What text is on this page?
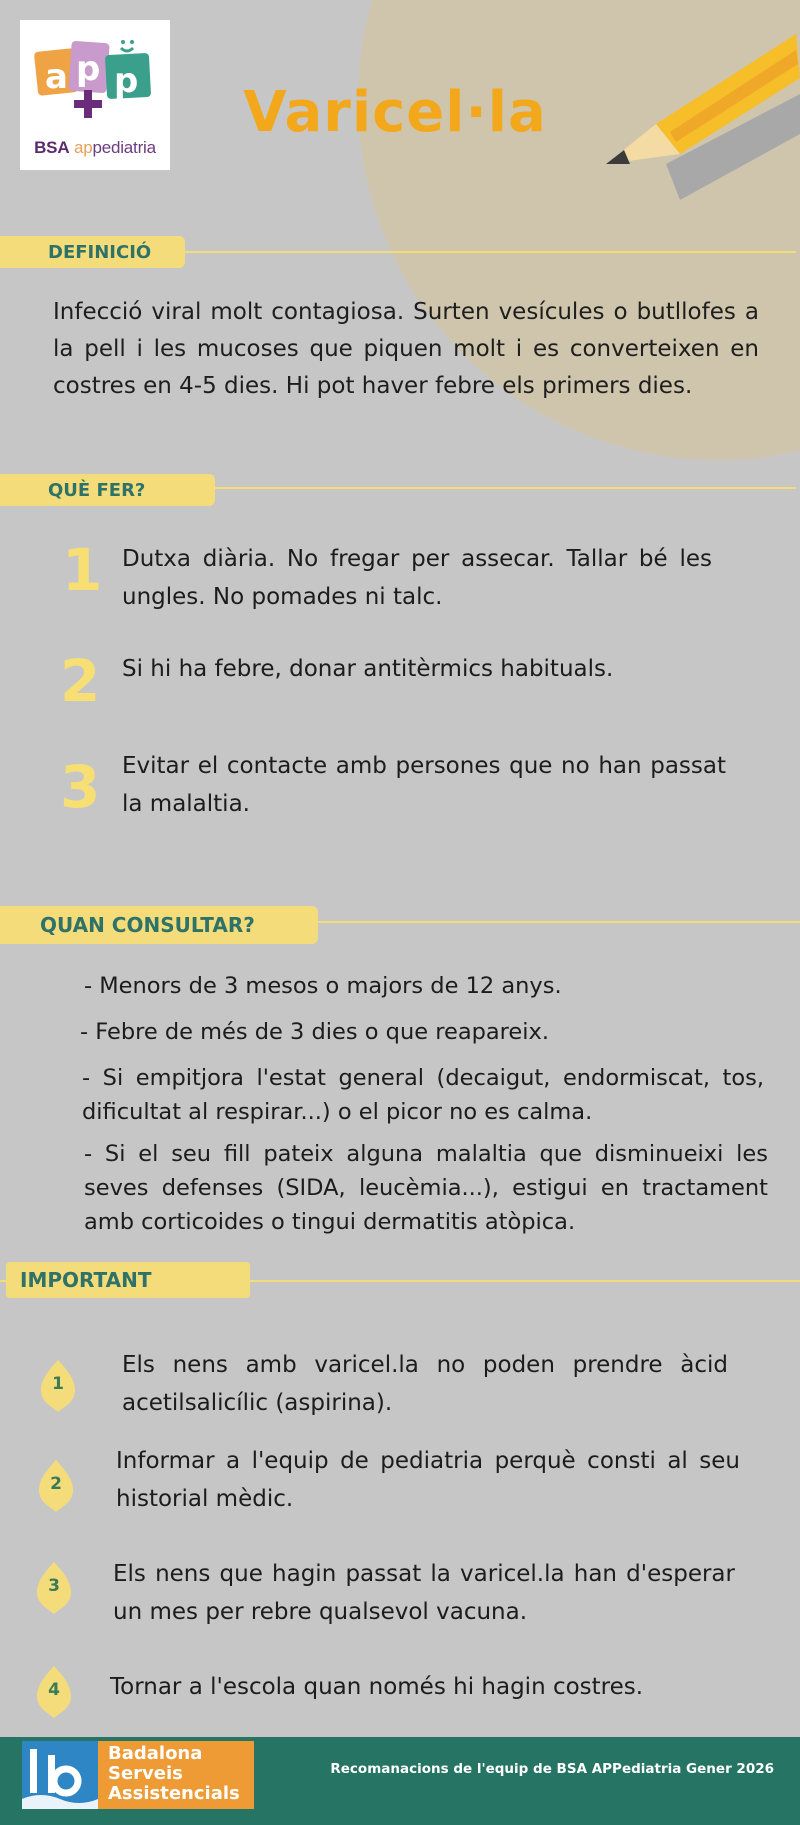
a p p
BSA appediatria
Varicel·la
DEFINICIÓ

Infecció viral molt contagiosa. Surten vesícules o butllofes a la pell i les mucoses que piquen molt i es converteixen en costres en 4-5 dies. Hi pot haver febre els primers dies.

QUÈ FER?
1 Dutxa diària. No fregar per assecar. Tallar bé les ungles. No pomades ni talc.

2 Si hi ha febre, donar antitèrmics habituals.

3 Evitar el contacte amb persones que no han passat la malaltia.

QUAN CONSULTAR?

- Menors de 3 mesos o majors de 12 anys.

- Febre de més de 3 dies o que reapareix.

- Si empitjora l'estat general (decaigut, endormiscat, tos, dificultat al respirar...) o el picor no es calma.

- Si el seu fill pateix alguna malaltia que disminueixi les seves defenses (SIDA, leucèmia...), estigui en tractament amb corticoides o tingui dermatitis atòpica.

IMPORTANT
1

Els nens amb varicel.la no poden prendre àcid acetilsalicílic (aspirina).

2

Informar a l'equip de pediatria perquè consti al seu historial mèdic.

3	Els nens que hagin passat la varicel.la han d'esperar un mes per rebre qualsevol vacuna.

4	Tornar a l'escola quan només hi hagin costres.

Badalona
Serveis
Assistencials

Recomanacions de l'equip de BSA APPediatria Gener 2026
